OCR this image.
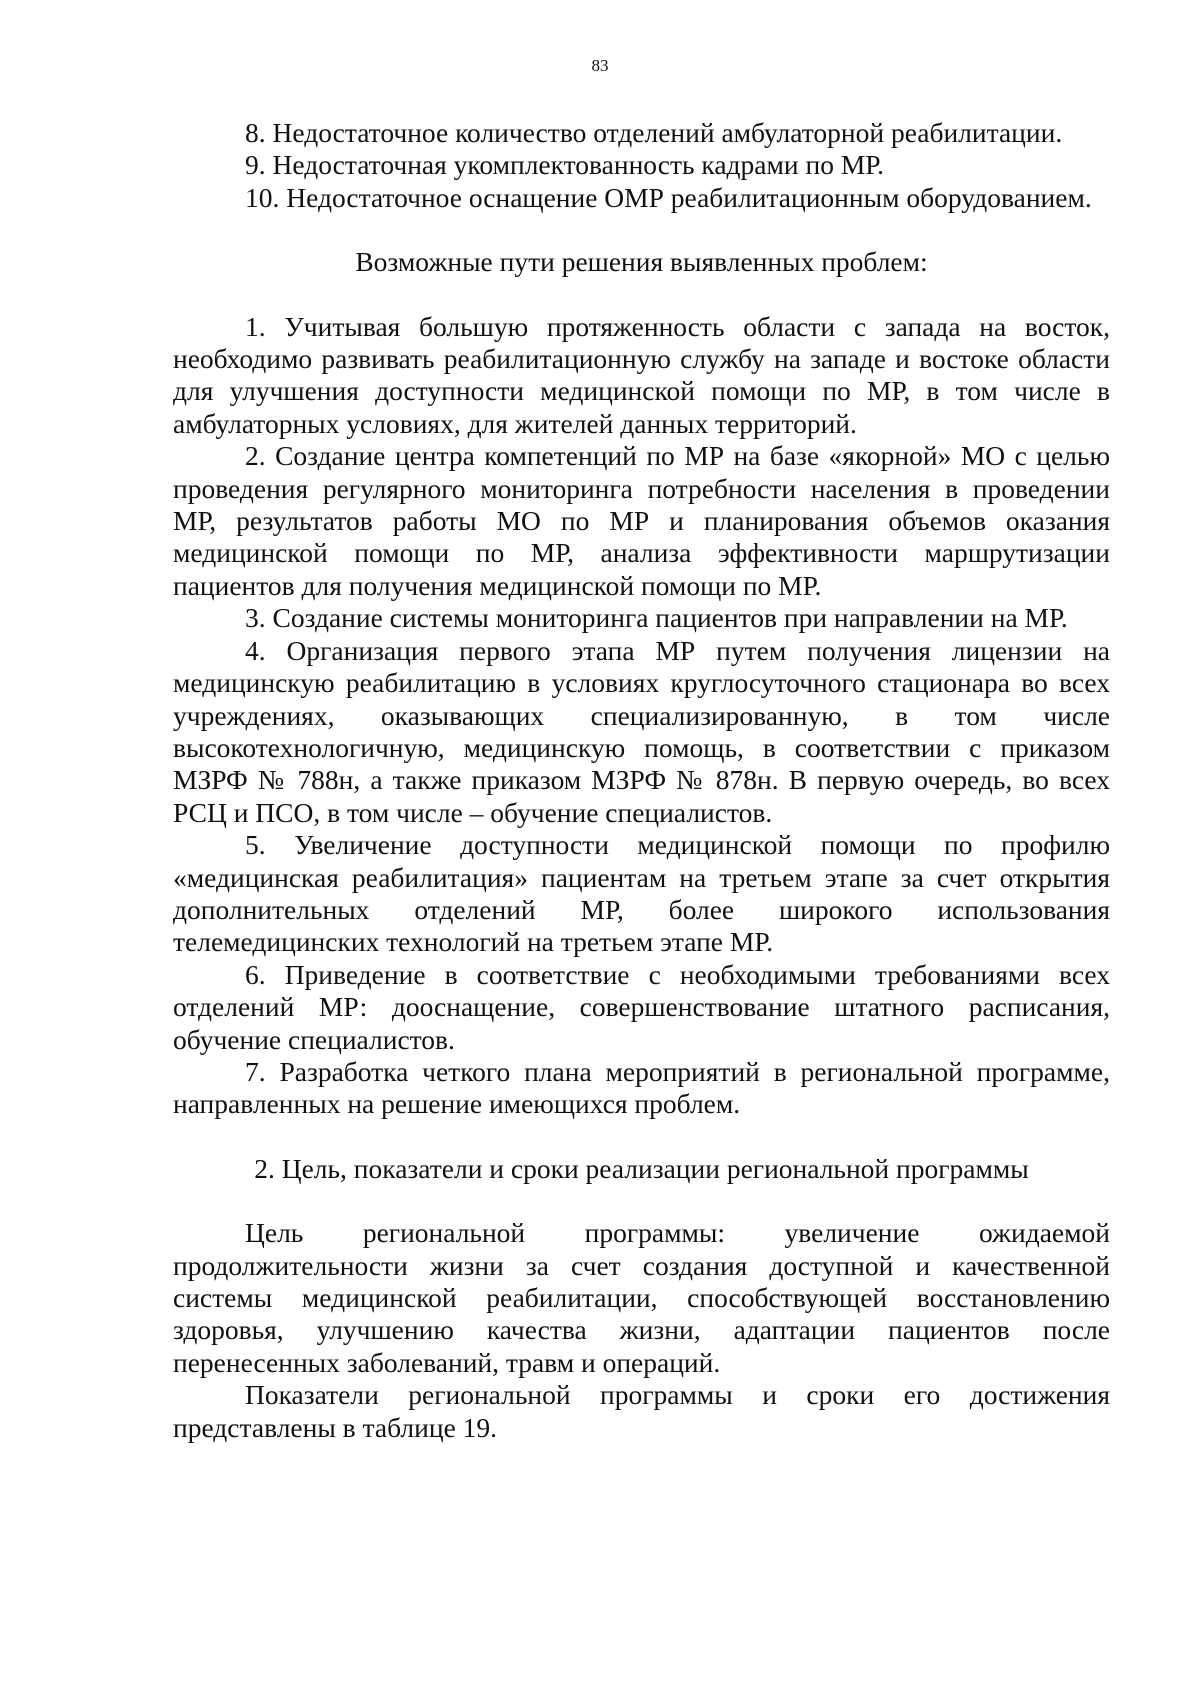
83

8. Недостаточное количество отделений амбулаторной реабилитации.

9. Недостаточная укомплектованность кадрами по МР.

10. Недостаточное оснащение ОМР реабилитационным оборудованием.

Возможные пути решения выявленных проблем:

1. Учитывая большую протяженность области с запада на восток, необходимо развивать реабилитационную службу на западе и востоке области для улучшения доступности медицинской помощи по МР, в том числе в амбулаторных условиях, для жителей данных территорий.

2. Создание центра компетенций по МР на базе «якорной» МО с целью проведения регулярного мониторинга потребности населения в проведении МР, результатов работы МО по МР и планирования объемов оказания медицинской помощи по МР, анализа эффективности маршрутизации пациентов для получения медицинской помощи по МР.

3. Создание системы мониторинга пациентов при направлении на МР.

4. Организация первого этапа МР путем получения лицензии на медицинскую реабилитацию в условиях круглосуточного стационара во всех учреждениях, оказывающих специализированную, в том числе высокотехнологичную, медицинскую помощь, в соответствии с приказом МЗРФ № 788н, а также приказом МЗРФ № 878н. В первую очередь, во всех РСЦ и ПСО, в том числе – обучение специалистов.

5. Увеличение доступности медицинской помощи по профилю «медицинская реабилитация» пациентам на третьем этапе за счет открытия дополнительных отделений МР, более широкого использования телемедицинских технологий на третьем этапе МР.

6. Приведение в соответствие с необходимыми требованиями всех отделений МР: дооснащение, совершенствование штатного расписания, обучение специалистов.

7. Разработка четкого плана мероприятий в региональной программе, направленных на решение имеющихся проблем.

2. Цель, показатели и сроки реализации региональной программы

Цель региональной программы: увеличение ожидаемой продолжительности жизни за счет создания доступной и качественной системы медицинской реабилитации, способствующей восстановлению здоровья, улучшению качества жизни, адаптации пациентов после перенесенных заболеваний, травм и операций.

Показатели региональной программы и сроки его достижения представлены в таблице 19.
